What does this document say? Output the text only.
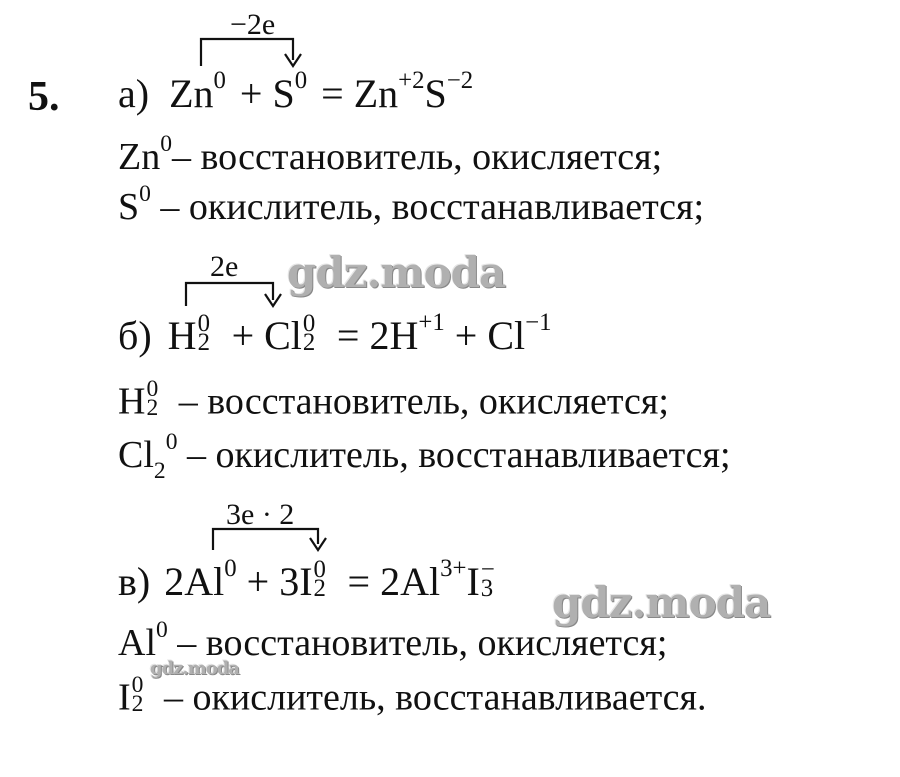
5.
−2e
а) $Zn^0 + S^0 = Zn^{+2}S^{-2}$
Zn$^0$– восстановитель, окисляется;
$S^0$ – окислитель, восстанавливается;
2e
б) H 0
2 + Cl 0
$2 = 2H^{+1} + Cl^{-1}$
H 0
2 – восстановитель, окисляется;
$Cl_2^0$ – окислитель, восстанавливается;
3e · 2
в) $2Al^0 + 3I$ 0
$2 = 2Al^{3+}I$ −
3
Al$^0$ – восстановитель, окисляется;
I 0
2 – окислитель, восстанавливается.
gdz.moda
gdz.moda
gdz.moda
